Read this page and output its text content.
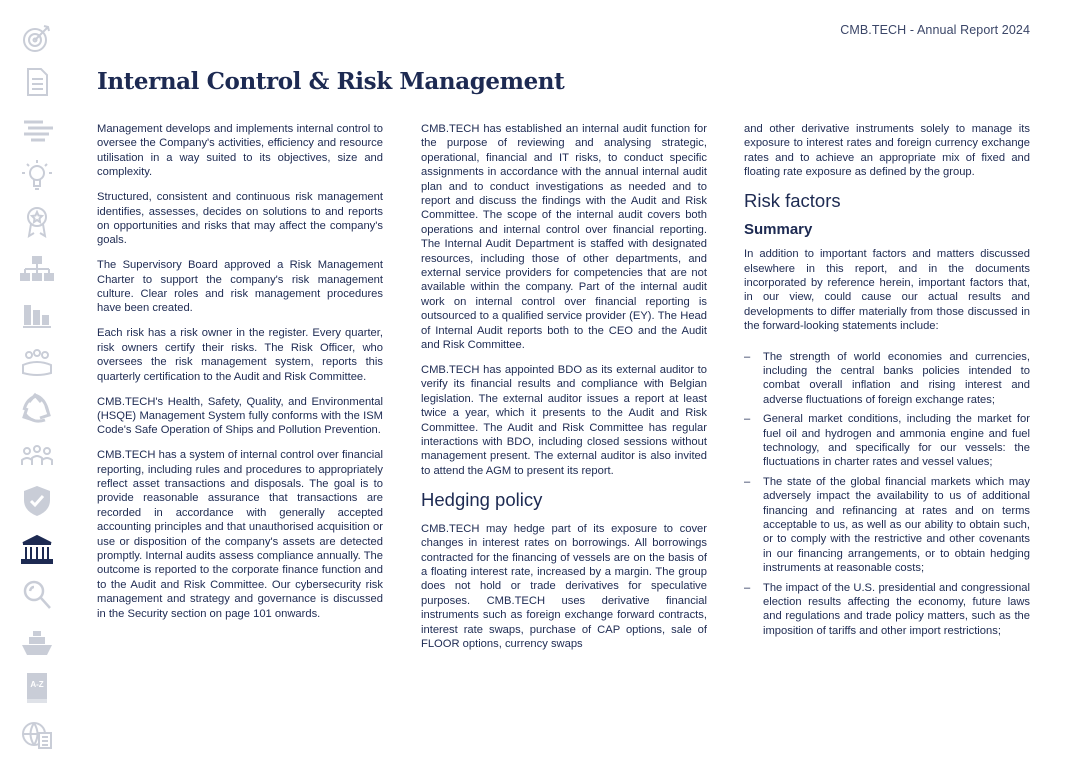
A-Z
CMB.TECH - Annual Report 2024
Internal Control & Risk Management

Management develops and implements internal control to oversee the Company's activities, efficiency and resource utilisation in a way suited to its objectives, size and complexity.

Structured, consistent and continuous risk management identifies, assesses, decides on solutions to and reports on opportunities and risks that may affect the company's goals.

The Supervisory Board approved a Risk Management Charter to support the company's risk management culture. Clear roles and risk management procedures have been created.

Each risk has a risk owner in the register. Every quarter, risk owners certify their risks. The Risk Officer, who oversees the risk management system, reports this quarterly certification to the Audit and Risk Committee.

CMB.TECH's Health, Safety, Quality, and Environmental (HSQE) Management System fully conforms with the ISM Code's Safe Operation of Ships and Pollution Prevention.

CMB.TECH has a system of internal control over financial reporting, including rules and procedures to appropriately reflect asset transactions and disposals. The goal is to provide reasonable assurance that transactions are recorded in accordance with generally accepted accounting principles and that unauthorised acquisition or use or disposition of the company's assets are detected promptly. Internal audits assess compliance annually. The outcome is reported to the corporate finance function and to the Audit and Risk Committee. Our cybersecurity risk management and strategy and governance is discussed in the Security section on page 101 onwards.

CMB.TECH has established an internal audit function for the purpose of reviewing and analysing strategic, operational, financial and IT risks, to conduct specific assignments in accordance with the annual internal audit plan and to conduct investigations as needed and to report and discuss the findings with the Audit and Risk Committee. The scope of the internal audit covers both operations and internal control over financial reporting. The Internal Audit Department is staffed with designated resources, including those of other departments, and external service providers for competencies that are not available within the company. Part of the internal audit work on internal control over financial reporting is outsourced to a qualified service provider (EY). The Head of Internal Audit reports both to the CEO and the Audit and Risk Committee.

CMB.TECH has appointed BDO as its external auditor to verify its financial results and compliance with Belgian legislation. The external auditor issues a report at least twice a year, which it presents to the Audit and Risk Committee. The Audit and Risk Committee has regular interactions with BDO, including closed sessions without management present. The external auditor is also invited to attend the AGM to present its report.

Hedging policy

CMB.TECH may hedge part of its exposure to cover changes in interest rates on borrowings. All borrowings contracted for the financing of vessels are on the basis of a floating interest rate, increased by a margin. The group does not hold or trade derivatives for speculative purposes. CMB.TECH uses derivative financial instruments such as foreign exchange forward contracts, interest rate swaps, purchase of CAP options, sale of FLOOR options, currency swaps

and other derivative instruments solely to manage its exposure to interest rates and foreign currency exchange rates and to achieve an appropriate mix of fixed and floating rate exposure as defined by the group.

Risk factors
Summary

In addition to important factors and matters discussed elsewhere in this report, and in the documents incorporated by reference herein, important factors that, in our view, could cause our actual results and developments to differ materially from those discussed in the forward-looking statements include:

– The strength of world economies and currencies, including the central banks policies intended to combat overall inflation and rising interest and adverse fluctuations of foreign exchange rates;
– General market conditions, including the market for fuel oil and hydrogen and ammonia engine and fuel technology, and specifically for our vessels: the fluctuations in charter rates and vessel values;
– The state of the global financial markets which may adversely impact the availability to us of additional financing and refinancing at rates and on terms acceptable to us, as well as our ability to obtain such, or to comply with the restrictive and other covenants in our financing arrangements, or to obtain hedging instruments at reasonable costs;
– The impact of the U.S. presidential and congressional election results affecting the economy, future laws and regulations and trade policy matters, such as the imposition of tariffs and other import restrictions;
